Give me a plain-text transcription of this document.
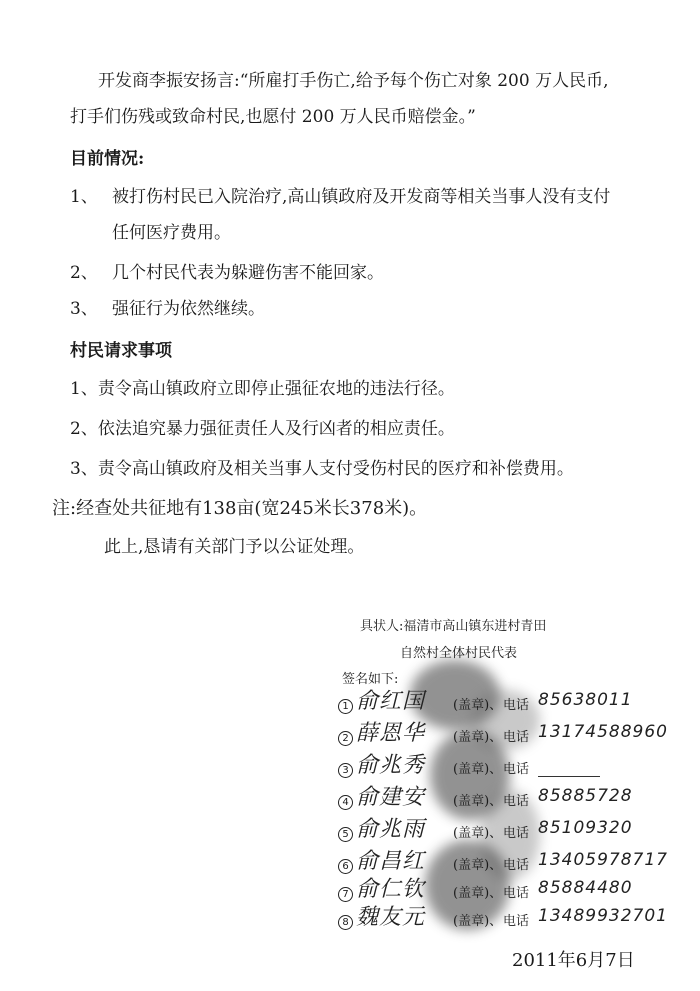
开发商李振安扬言:“所雇打手伤亡,给予每个伤亡对象 200 万人民币,
打手们伤残或致命村民,也愿付 200 万人民币赔偿金。”
目前情况:
1、 被打伤村民已入院治疗,高山镇政府及开发商等相关当事人没有支付
任何医疗费用。
2、 几个村民代表为躲避伤害不能回家。
3、 强征行为依然继续。
村民请求事项
1、责令高山镇政府立即停止强征农地的违法行径。
2、依法追究暴力强征责任人及行凶者的相应责任。
3、责令高山镇政府及相关当事人支付受伤村民的医疗和补偿费用。
注:经查处共征地有138亩(宽245米长378米)。
此上,恳请有关部门予以公证处理。
具状人:福清市高山镇东进村青田
自然村全体村民代表
签名如下:
1 俞红国 (盖章)、 电话 85638011
2 薛恩华 (盖章)、 电话 13174588960
3 俞兆秀 (盖章)、 电话
4 俞建安 (盖章)、 电话 85885728
5 俞兆雨 (盖章)、 电话 85109320
6 俞昌红 (盖章)、 电话 13405978717
7 俞仁钦 (盖章)、 电话 85884480
8 魏友元 (盖章)、 电话 13489932701
2011年6月7日
